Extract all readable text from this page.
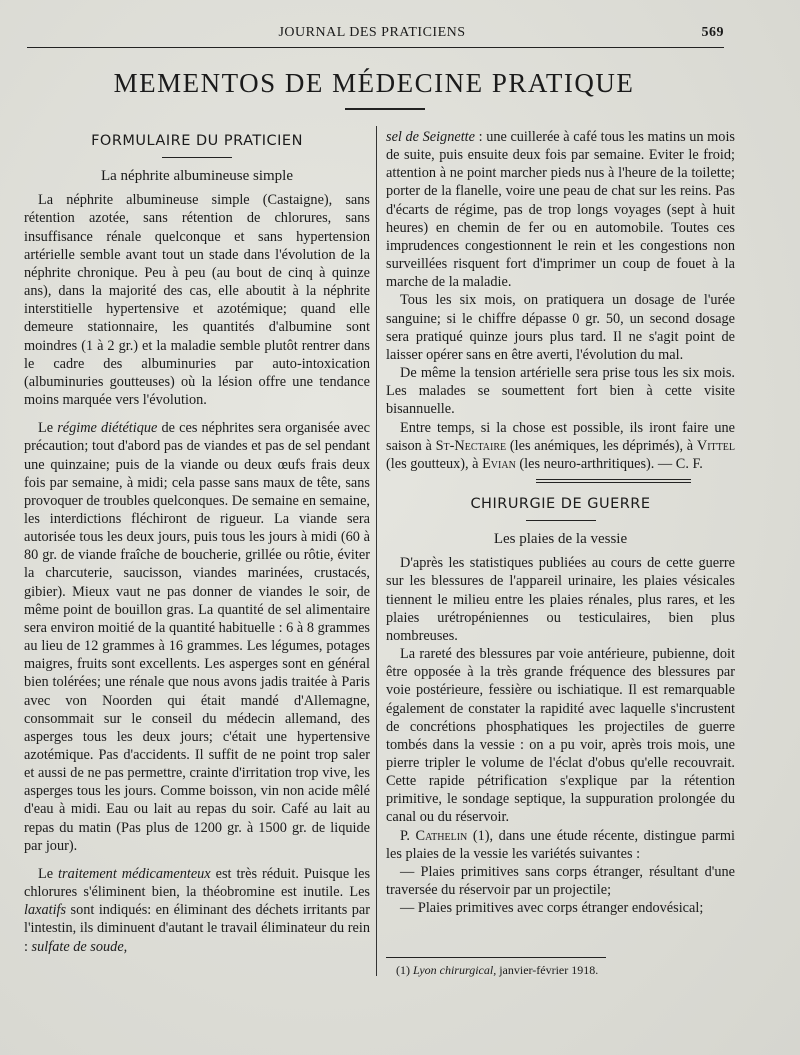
JOURNAL DES PRATICIENS	569
MEMENTOS DE MÉDECINE PRATIQUE
FORMULAIRE DU PRATICIEN
La néphrite albumineuse simple

La néphrite albumineuse simple (Castaigne), sans rétention azotée, sans rétention de chlorures, sans insuffisance rénale quelconque et sans hypertension artérielle semble avant tout un stade dans l'évolution de la néphrite chronique. Peu à peu (au bout de cinq à quinze ans), dans la majorité des cas, elle aboutit à la néphrite interstitielle hypertensive et azotémique; quand elle demeure stationnaire, les quantités d'albumine sont moindres (1 à 2 gr.) et la maladie semble plutôt rentrer dans le cadre des albuminuries par auto-intoxication (albuminuries goutteuses) où la lésion offre une tendance moins marquée vers l'évolution.

Le régime diététique de ces néphrites sera organisée avec précaution; tout d'abord pas de viandes et pas de sel pendant une quinzaine; puis de la viande ou deux œufs frais deux fois par semaine, à midi; cela passe sans maux de tête, sans provoquer de troubles quelconques. De semaine en semaine, les interdictions fléchiront de rigueur. La viande sera autorisée tous les deux jours, puis tous les jours à midi (60 à 80 gr. de viande fraîche de boucherie, grillée ou rôtie, éviter la charcuterie, saucisson, viandes marinées, crustacés, gibier). Mieux vaut ne pas donner de viandes le soir, de même point de bouillon gras. La quantité de sel alimentaire sera environ moitié de la quantité habituelle : 6 à 8 grammes au lieu de 12 grammes à 16 grammes. Les légumes, potages maigres, fruits sont excellents. Les asperges sont en général bien tolérées; une rénale que nous avons jadis traitée à Paris avec von Noorden qui était mandé d'Allemagne, consommait sur le conseil du médecin allemand, des asperges tous les deux jours; c'était une hypertensive azotémique. Pas d'accidents. Il suffit de ne point trop saler et aussi de ne pas permettre, crainte d'irritation trop vive, les asperges tous les jours. Comme boisson, vin non acide mêlé d'eau à midi. Eau ou lait au repas du soir. Café au lait au repas du matin (Pas plus de 1200 gr. à 1500 gr. de liquide par jour).

Le traitement médicamenteux est très réduit. Puisque les chlorures s'éliminent bien, la théobromine est inutile. Les laxatifs sont indiqués: en éliminant des déchets irritants par l'intestin, ils diminuent d'autant le travail éliminateur du rein : sulfate de soude,

sel de Seignette : une cuillerée à café tous les matins un mois de suite, puis ensuite deux fois par semaine. Eviter le froid; attention à ne point marcher pieds nus à l'heure de la toilette; porter de la flanelle, voire une peau de chat sur les reins. Pas d'écarts de régime, pas de trop longs voyages (sept à huit heures) en chemin de fer ou en automobile. Toutes ces imprudences congestionnent le rein et les congestions non surveillées risquent fort d'imprimer un coup de fouet à la marche de la maladie.

Tous les six mois, on pratiquera un dosage de l'urée sanguine; si le chiffre dépasse 0 gr. 50, un second dosage sera pratiqué quinze jours plus tard. Il ne s'agit point de laisser opérer sans en être averti, l'évolution du mal.

De même la tension artérielle sera prise tous les six mois. Les malades se soumettent fort bien à cette visite bisannuelle.

Entre temps, si la chose est possible, ils iront faire une saison à St-Nectaire (les anémiques, les déprimés), à Vittel (les goutteux), à Evian (les neuro-arthritiques). — C. F.

CHIRURGIE DE GUERRE
Les plaies de la vessie

D'après les statistiques publiées au cours de cette guerre sur les blessures de l'appareil urinaire, les plaies vésicales tiennent le milieu entre les plaies rénales, plus rares, et les plaies urétropéniennes ou testiculaires, bien plus nombreuses.

La rareté des blessures par voie antérieure, pubienne, doit être opposée à la très grande fréquence des blessures par voie postérieure, fessière ou ischiatique. Il est remarquable également de constater la rapidité avec laquelle s'incrustent de concrétions phosphatiques les projectiles de guerre tombés dans la vessie : on a pu voir, après trois mois, une pierre tripler le volume de l'éclat d'obus qu'elle recouvrait. Cette rapide pétrification s'explique par la rétention primitive, le sondage septique, la suppuration prolongée du canal ou du réservoir.

P. Cathelin (1), dans une étude récente, distingue parmi les plaies de la vessie les variétés suivantes :

— Plaies primitives sans corps étranger, résultant d'une traversée du réservoir par un projectile;

— Plaies primitives avec corps étranger endovésical;

(1) Lyon chirurgical, janvier-février 1918.
